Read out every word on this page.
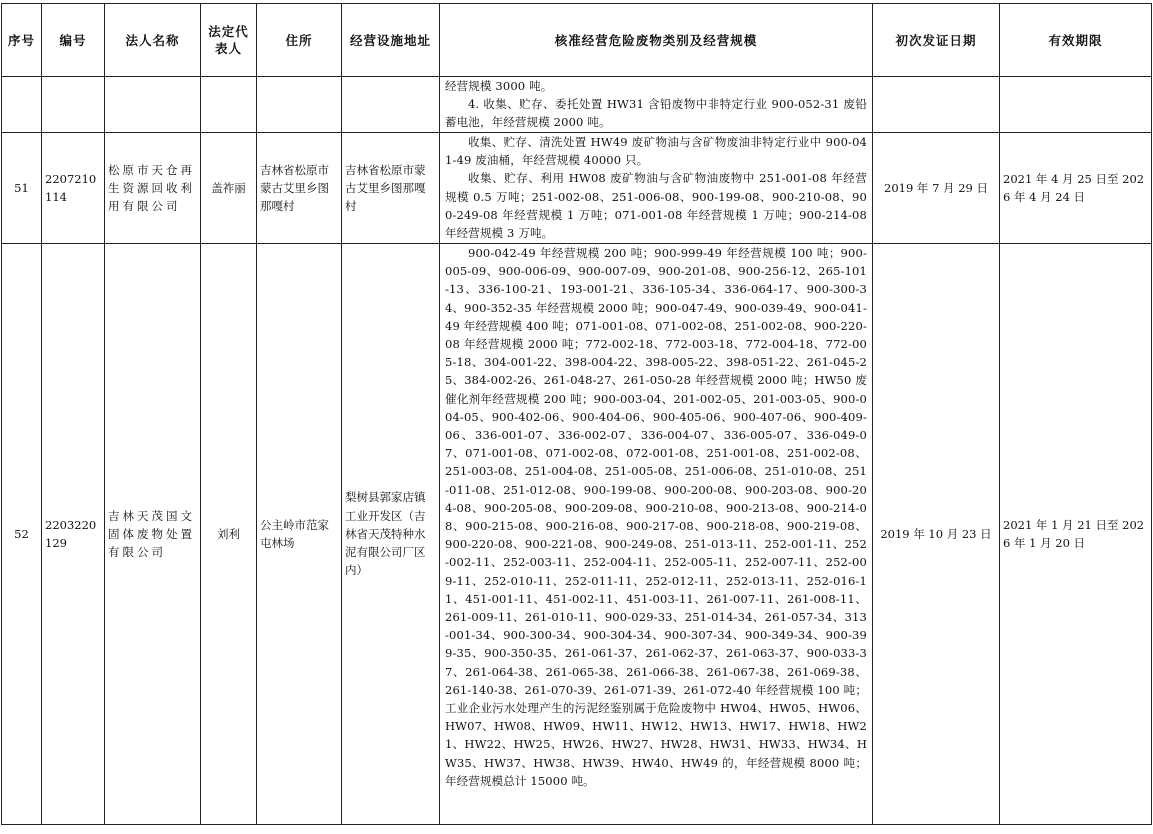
序号	编号	法人名称	法定代表人	住所	经营设施地址	核准经营危险废物类别及经营规模	初次发证日期	有效期限

						经营规模 3000 吨。

4. 收集、贮存、委托处置 HW31 含铅废物中非特定行业 900-052-31 废铅蓄电池，年经营规模 2000 吨。		

51	2207210114	松原市天仓再生资源回收利用有限公司	盖祚丽	吉林省松原市蒙古艾里乡图那嘎村	吉林省松原市蒙古艾里乡图那嘎村	收集、贮存、清洗处置 HW49 废矿物油与含矿物废油非特定行业中 900-041-49 废油桶，年经营规模 40000 只。

收集、贮存、利用 HW08 废矿物油与含矿物油废物中 251-001-08 年经营规模 0.5 万吨；251-002-08、251-006-08、900-199-08、900-210-08、900-249-08 年经营规模 1 万吨；071-001-08 年经营规模 1 万吨；900-214-08 年经营规模 3 万吨。	2019 年 7 月 29 日	2021 年 4 月 25 日至 2026 年 4 月 24 日
52	2203220129	吉林天茂国文固体废物处置有限公司	刘利	公主岭市范家屯林场	梨树县郭家店镇工业开发区（吉林省天茂特种水泥有限公司厂区内）	900-042-49 年经营规模 200 吨；900-999-49 年经营规模 100 吨；900-005-09、900-006-09、900-007-09、900-201-08、900-256-12、265-101-13、336-100-21、193-001-21、336-105-34、336-064-17、900-300-34、900-352-35 年经营规模 2000 吨；900-047-49、900-039-49、900-041-49 年经营规模 400 吨；071-001-08、071-002-08、251-002-08、900-220-08 年经营规模 2000 吨；772-002-18、772-003-18、772-004-18、772-005-18、304-001-22、398-004-22、398-005-22、398-051-22、261-045-25、384-002-26、261-048-27、261-050-28 年经营规模 2000 吨；HW50 废催化剂年经营规模 200 吨；900-003-04、201-002-05、201-003-05、900-004-05、900-402-06、900-404-06、900-405-06、900-407-06、900-409-06、336-001-07、336-002-07、336-004-07、336-005-07、336-049-07、071-001-08、071-002-08、072-001-08、251-001-08、251-002-08、251-003-08、251-004-08、251-005-08、251-006-08、251-010-08、251-011-08、251-012-08、900-199-08、900-200-08、900-203-08、900-204-08、900-205-08、900-209-08、900-210-08、900-213-08、900-214-08、900-215-08、900-216-08、900-217-08、900-218-08、900-219-08、900-220-08、900-221-08、900-249-08、251-013-11、252-001-11、252-002-11、252-003-11、252-004-11、252-005-11、252-007-11、252-009-11、252-010-11、252-011-11、252-012-11、252-013-11、252-016-11、451-001-11、451-002-11、451-003-11、261-007-11、261-008-11、261-009-11、261-010-11、900-029-33、251-014-34、261-057-34、313-001-34、900-300-34、900-304-34、900-307-34、900-349-34、900-399-35、900-350-35、261-061-37、261-062-37、261-063-37、900-033-37、261-064-38、261-065-38、261-066-38、261-067-38、261-069-38、261-140-38、261-070-39、261-071-39、261-072-40 年经营规模 100 吨；工业企业污水处理产生的污泥经鉴别属于危险废物中 HW04、HW05、HW06、HW07、HW08、HW09、HW11、HW12、HW13、HW17、HW18、HW21、HW22、HW25、HW26、HW27、HW28、HW31、HW33、HW34、HW35、HW37、HW38、HW39、HW40、HW49 的，年经营规模 8000 吨；年经营规模总计 15000 吨。	2019 年 10 月 23 日	2021 年 1 月 21 日至 2026 年 1 月 20 日
